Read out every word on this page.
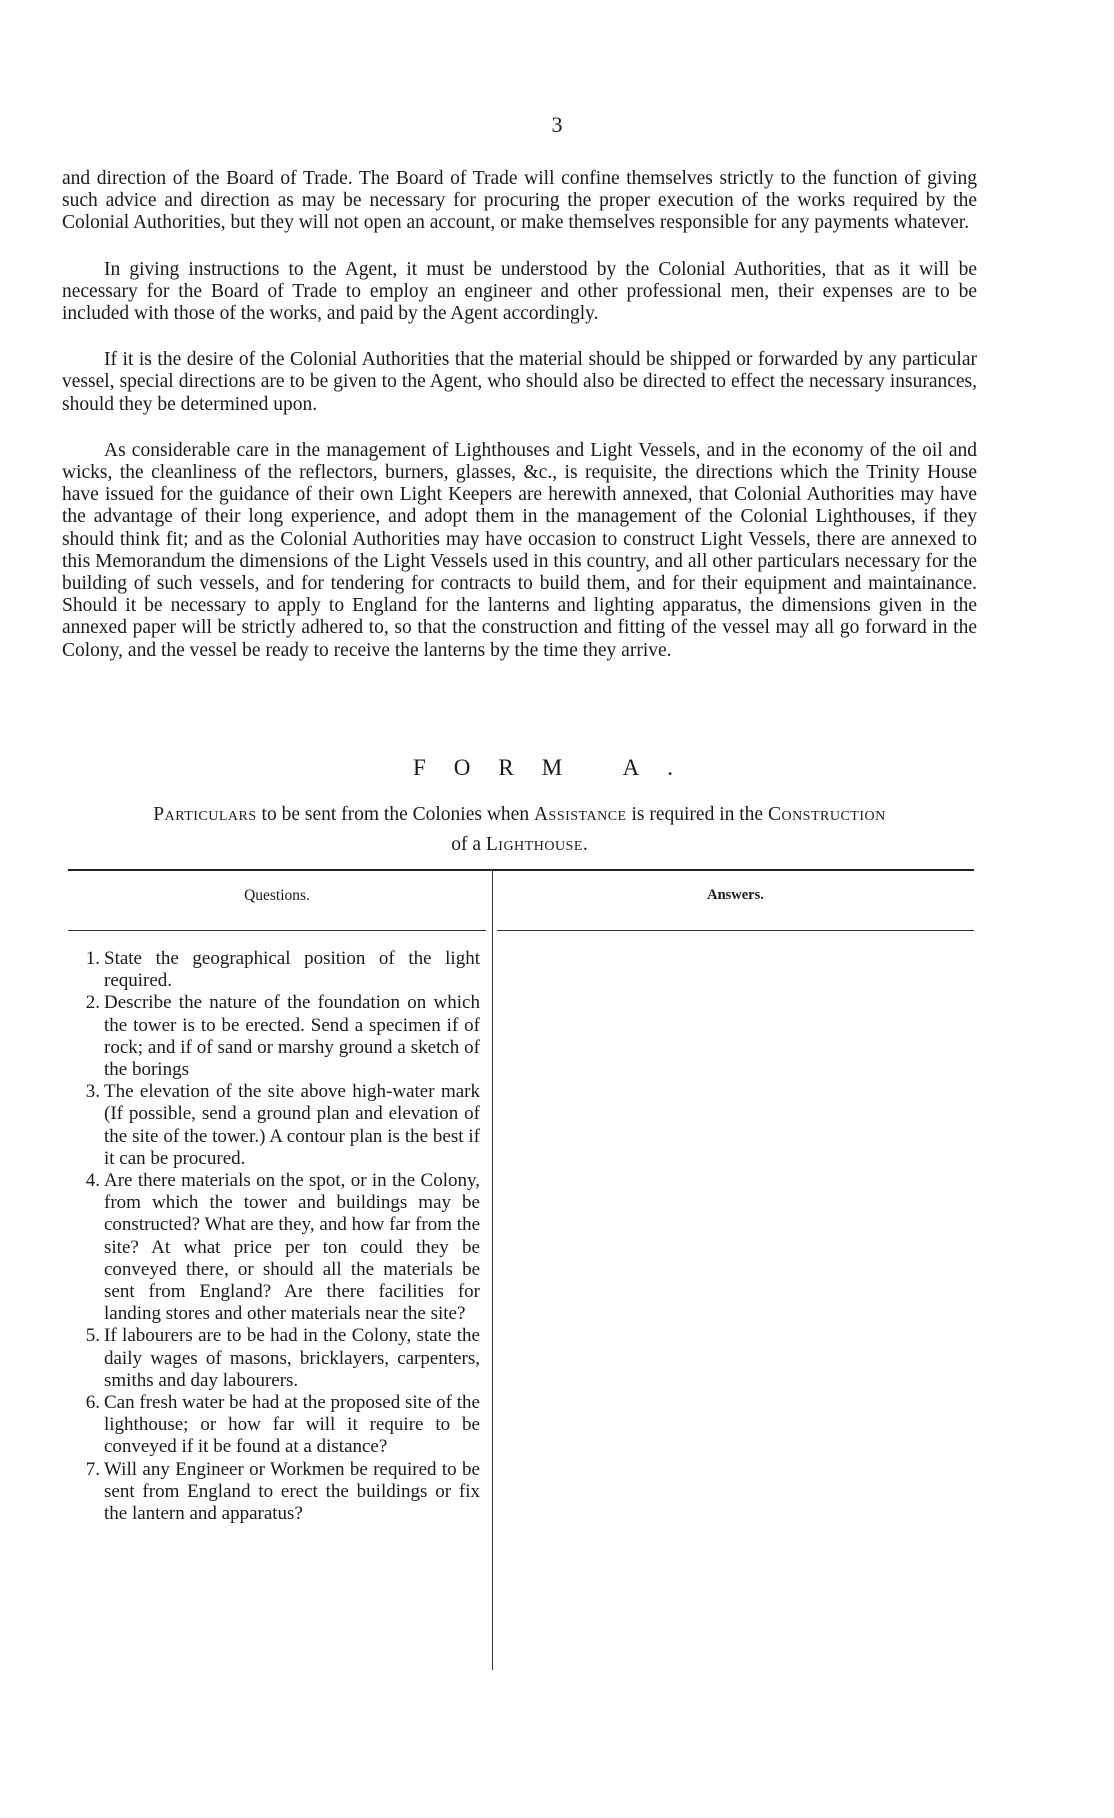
3

and direction of the Board of Trade. The Board of Trade will confine themselves strictly to the function of giving such advice and direction as may be necessary for procuring the proper execution of the works required by the Colonial Authorities, but they will not open an account, or make themselves responsible for any payments whatever.

In giving instructions to the Agent, it must be understood by the Colonial Authorities, that as it will be necessary for the Board of Trade to employ an engineer and other professional men, their expenses are to be included with those of the works, and paid by the Agent accordingly.

If it is the desire of the Colonial Authorities that the material should be shipped or forwarded by any particular vessel, special directions are to be given to the Agent, who should also be directed to effect the necessary insurances, should they be determined upon.

As considerable care in the management of Lighthouses and Light Vessels, and in the economy of the oil and wicks, the cleanliness of the reflectors, burners, glasses, &c., is requisite, the directions which the Trinity House have issued for the guidance of their own Light Keepers are herewith annexed, that Colonial Authorities may have the advantage of their long experience, and adopt them in the management of the Colonial Lighthouses, if they should think fit; and as the Colonial Authorities may have occasion to construct Light Vessels, there are annexed to this Memorandum the dimensions of the Light Vessels used in this country, and all other particulars necessary for the building of such vessels, and for tendering for contracts to build them, and for their equipment and maintainance. Should it be necessary to apply to England for the lanterns and lighting apparatus, the dimensions given in the annexed paper will be strictly adhered to, so that the construction and fitting of the vessel may all go forward in the Colony, and the vessel be ready to receive the lanterns by the time they arrive.

FORM A.
Particulars to be sent from the Colonies when Assistance is required in the Construction
of a Lighthouse.
Questions.	Answers.
1. State the geographical position of the light required.
2. Describe the nature of the foundation on which the tower is to be erected. Send a specimen if of rock; and if of sand or marshy ground a sketch of the borings
3. The elevation of the site above high-water mark (If possible, send a ground plan and elevation of the site of the tower.) A contour plan is the best if it can be procured.
4. Are there materials on the spot, or in the Colony, from which the tower and buildings may be constructed? What are they, and how far from the site? At what price per ton could they be conveyed there, or should all the materials be sent from England? Are there facilities for landing stores and other materials near the site?
5. If labourers are to be had in the Colony, state the daily wages of masons, bricklayers, carpenters, smiths and day labourers.
6. Can fresh water be had at the proposed site of the lighthouse; or how far will it require to be conveyed if it be found at a distance?
7. Will any Engineer or Workmen be required to be sent from England to erect the buildings or fix the lantern and apparatus?
